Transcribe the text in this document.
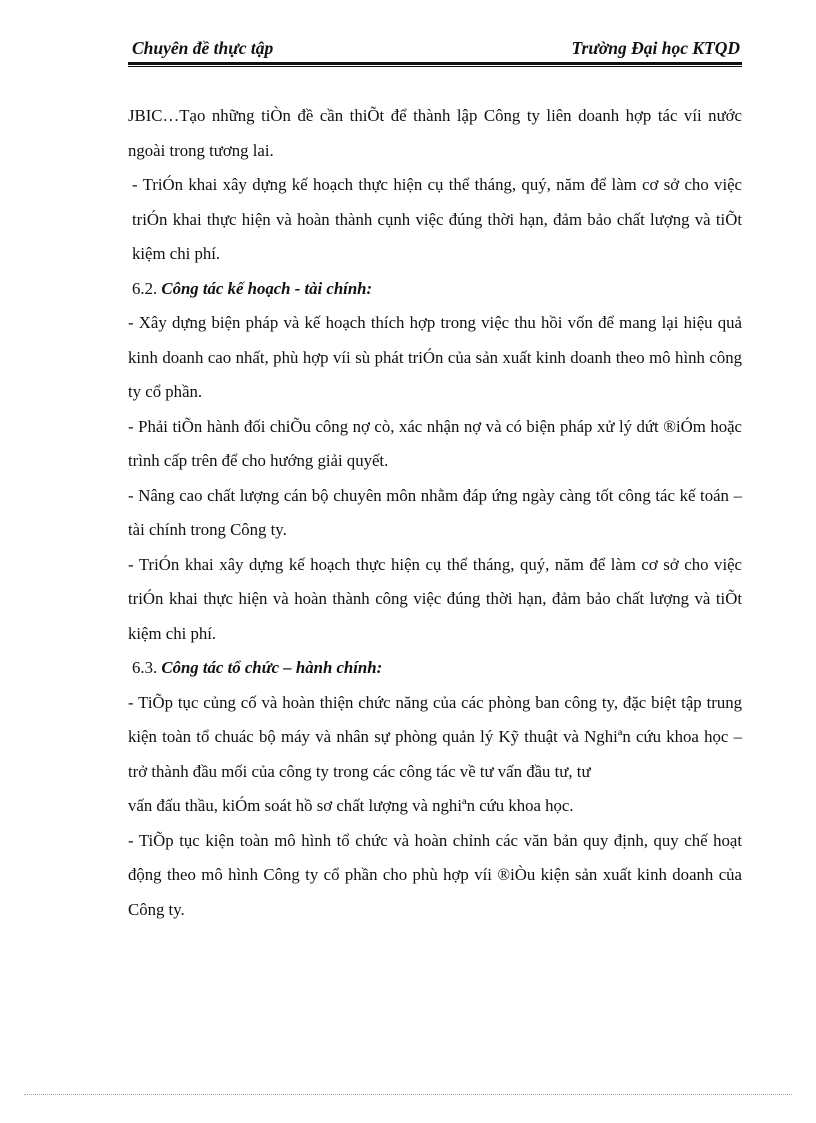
Chuyên đề thực tập	Trường Đại học KTQD

JBIC…Tạo những tiÒn đề cần thiÕt để thành lập Công ty liên doanh hợp tác víi nước ngoài trong tương lai.

- TriÓn khai xây dựng kế hoạch thực hiện cụ thể tháng, quý, năm để làm cơ sở cho việc triÓn khai thực hiện và hoàn thành cụnh việc đúng thời hạn, đảm bảo chất lượng và tiÕt kiệm chi phí.

6.2. Công tác kế hoạch - tài chính:

- Xây dựng biện pháp và kế hoạch thích hợp trong việc thu hồi vốn để mang lại hiệu quả kinh doanh cao nhất, phù hợp víi sù phát triÓn của sản xuất kinh doanh theo mô hình công ty cổ phần.

- Phải tiÕn hành đối chiÕu công nợ cò, xác nhận nợ và có biện pháp xử lý dứt ®iÓm hoặc trình cấp trên để cho hướng giải quyết.

- Nâng cao chất lượng cán bộ chuyên môn nhằm đáp ứng ngày càng tốt công tác kế toán – tài chính trong Công ty.

- TriÓn khai xây dựng kế hoạch thực hiện cụ thể tháng, quý, năm để làm cơ sở cho việc triÓn khai thực hiện và hoàn thành công việc đúng thời hạn, đảm bảo chất lượng và tiÕt kiệm chi phí.

6.3. Công tác tổ chức – hành chính:

- TiÕp tục củng cố và hoàn thiện chức năng của các phòng ban công ty, đặc biệt tập trung kiện toàn tổ chuác bộ máy và nhân sự phòng quản lý Kỹ thuật và Nghiªn cứu khoa học – trở thành đầu mối của công ty trong các công tác về tư vấn đầu tư, tư

vấn đấu thầu, kiÓm soát hồ sơ chất lượng và nghiªn cứu khoa học.

- TiÕp tục kiện toàn mô hình tổ chức và hoàn chỉnh các văn bản quy định, quy chế hoạt động theo mô hình Công ty cổ phần cho phù hợp víi ®iÒu kiện sản xuất kinh doanh của Công ty.
